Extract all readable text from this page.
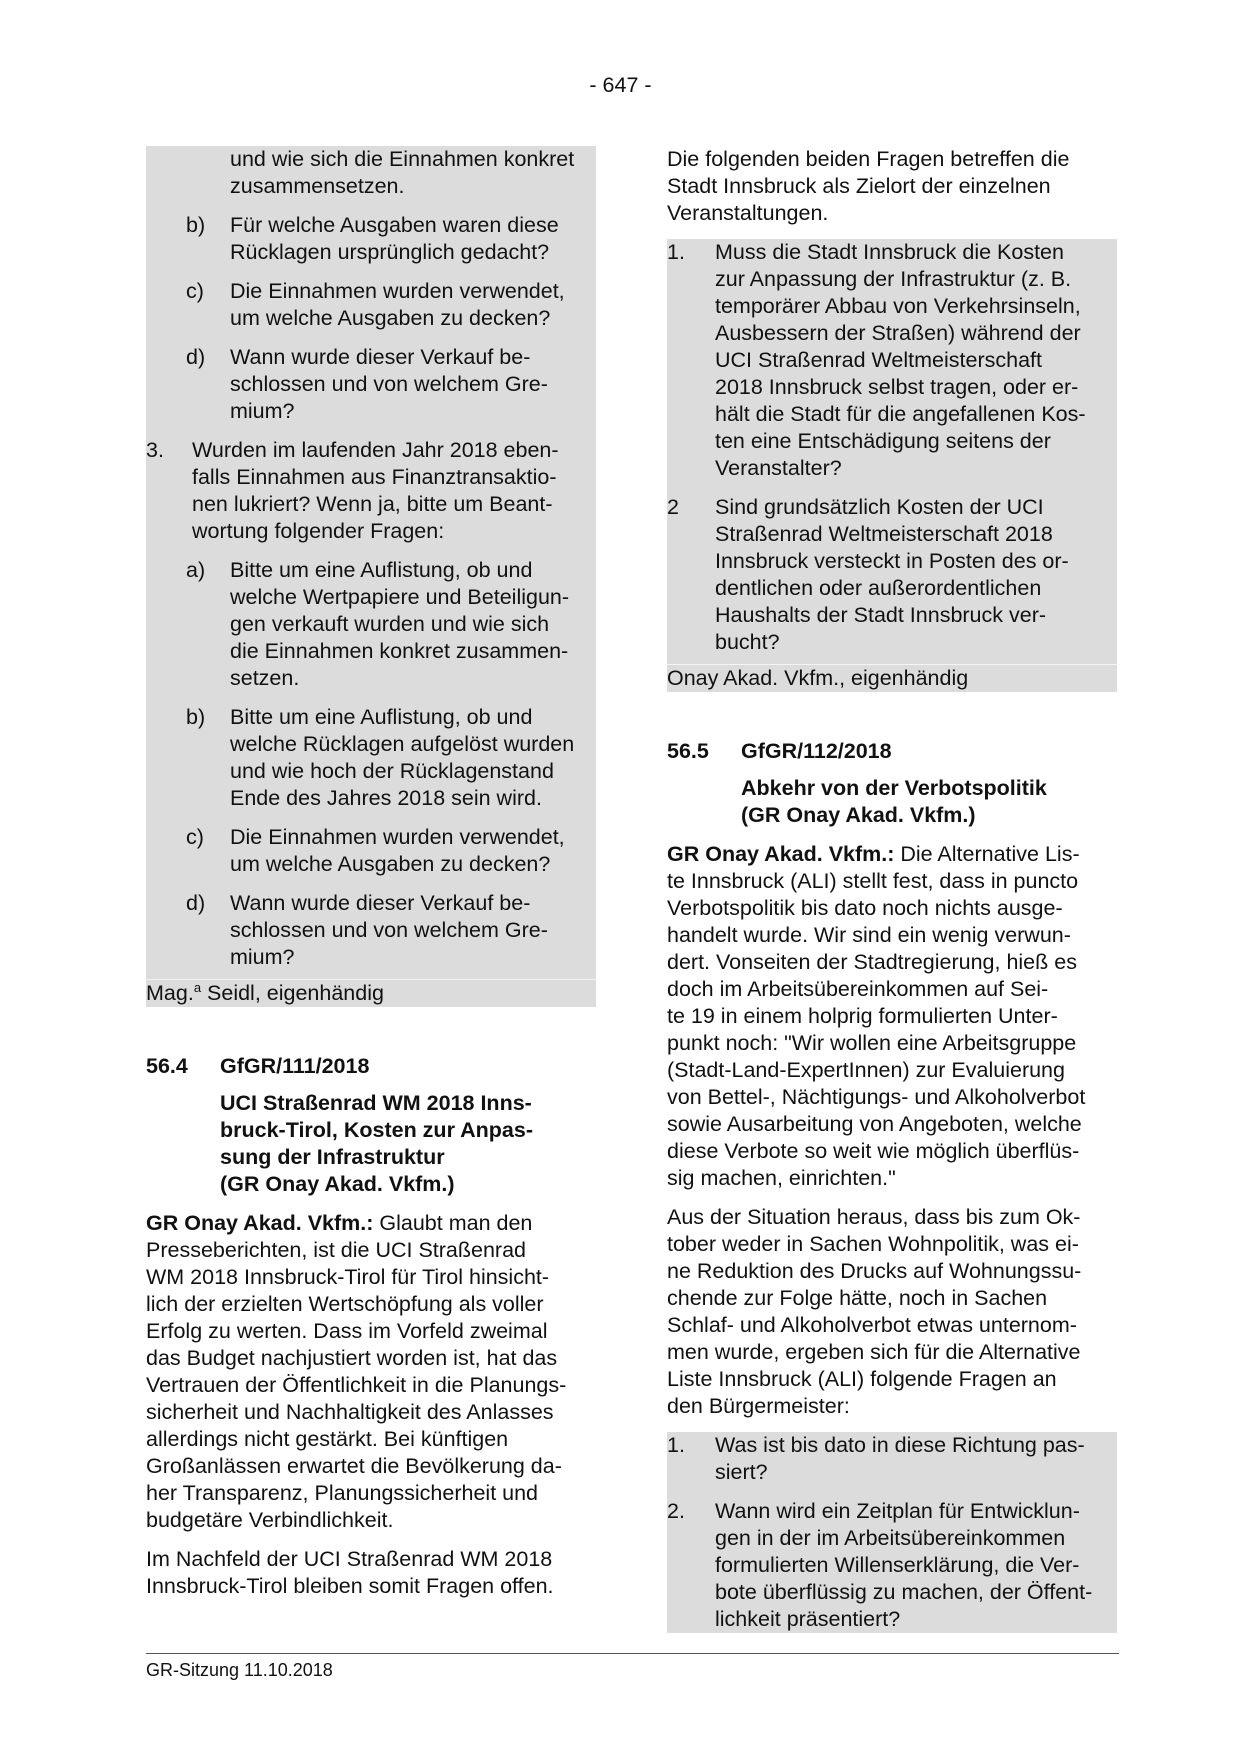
- 647 -
und wie sich die Einnahmen konkret
zusammensetzen.
b)	Für welche Ausgaben waren diese
Rücklagen ursprünglich gedacht?
c)	Die Einnahmen wurden verwendet,
um welche Ausgaben zu decken?
d)	Wann wurde dieser Verkauf be-
schlossen und von welchem Gre-
mium?
3.	Wurden im laufenden Jahr 2018 eben-
falls Einnahmen aus Finanztransaktio-
nen lukriert? Wenn ja, bitte um Beant-
wortung folgender Fragen:
a)	Bitte um eine Auflistung, ob und
welche Wertpapiere und Beteiligun-
gen verkauft wurden und wie sich
die Einnahmen konkret zusammen-
setzen.
b)	Bitte um eine Auflistung, ob und
welche Rücklagen aufgelöst wurden
und wie hoch der Rücklagenstand
Ende des Jahres 2018 sein wird.
c)	Die Einnahmen wurden verwendet,
um welche Ausgaben zu decken?
d)	Wann wurde dieser Verkauf be-
schlossen und von welchem Gre-
mium?
Mag.$^a$ Seidl, eigenhändig
56.4	GfGR/111/2018
UCI Straßenrad WM 2018 Inns-
bruck-Tirol, Kosten zur Anpas-
sung der Infrastruktur
(GR Onay Akad. Vkfm.)

GR Onay Akad. Vkfm.: Glaubt man den
Presseberichten, ist die UCI Straßenrad
WM 2018 Innsbruck-Tirol für Tirol hinsicht-
lich der erzielten Wertschöpfung als voller
Erfolg zu werten. Dass im Vorfeld zweimal
das Budget nachjustiert worden ist, hat das
Vertrauen der Öffentlichkeit in die Planungs-
sicherheit und Nachhaltigkeit des Anlasses
allerdings nicht gestärkt. Bei künftigen
Großanlässen erwartet die Bevölkerung da-
her Transparenz, Planungssicherheit und
budgetäre Verbindlichkeit.

Im Nachfeld der UCI Straßenrad WM 2018
Innsbruck-Tirol bleiben somit Fragen offen.

Die folgenden beiden Fragen betreffen die
Stadt Innsbruck als Zielort der einzelnen
Veranstaltungen.

1.	Muss die Stadt Innsbruck die Kosten
zur Anpassung der Infrastruktur (z. B.
temporärer Abbau von Verkehrsinseln,
Ausbessern der Straßen) während der
UCI Straßenrad Weltmeisterschaft
2018 Innsbruck selbst tragen, oder er-
hält die Stadt für die angefallenen Kos-
ten eine Entschädigung seitens der
Veranstalter?
2	Sind grundsätzlich Kosten der UCI
Straßenrad Weltmeisterschaft 2018
Innsbruck versteckt in Posten des or-
dentlichen oder außerordentlichen
Haushalts der Stadt Innsbruck ver-
bucht?
Onay Akad. Vkfm., eigenhändig
56.5	GfGR/112/2018
Abkehr von der Verbotspolitik
(GR Onay Akad. Vkfm.)

GR Onay Akad. Vkfm.: Die Alternative Lis-
te Innsbruck (ALI) stellt fest, dass in puncto
Verbotspolitik bis dato noch nichts ausge-
handelt wurde. Wir sind ein wenig verwun-
dert. Vonseiten der Stadtregierung, hieß es
doch im Arbeitsübereinkommen auf Sei-
te 19 in einem holprig formulierten Unter-
punkt noch: "Wir wollen eine Arbeitsgruppe
(Stadt-Land-ExpertInnen) zur Evaluierung
von Bettel-, Nächtigungs- und Alkoholverbot
sowie Ausarbeitung von Angeboten, welche
diese Verbote so weit wie möglich überflüs-
sig machen, einrichten."

Aus der Situation heraus, dass bis zum Ok-
tober weder in Sachen Wohnpolitik, was ei-
ne Reduktion des Drucks auf Wohnungssu-
chende zur Folge hätte, noch in Sachen
Schlaf- und Alkoholverbot etwas unternom-
men wurde, ergeben sich für die Alternative
Liste Innsbruck (ALI) folgende Fragen an
den Bürgermeister:

1.	Was ist bis dato in diese Richtung pas-
siert?
2.	Wann wird ein Zeitplan für Entwicklun-
gen in der im Arbeitsübereinkommen
formulierten Willenserklärung, die Ver-
bote überflüssig zu machen, der Öffent-
lichkeit präsentiert?
GR-Sitzung 11.10.2018
